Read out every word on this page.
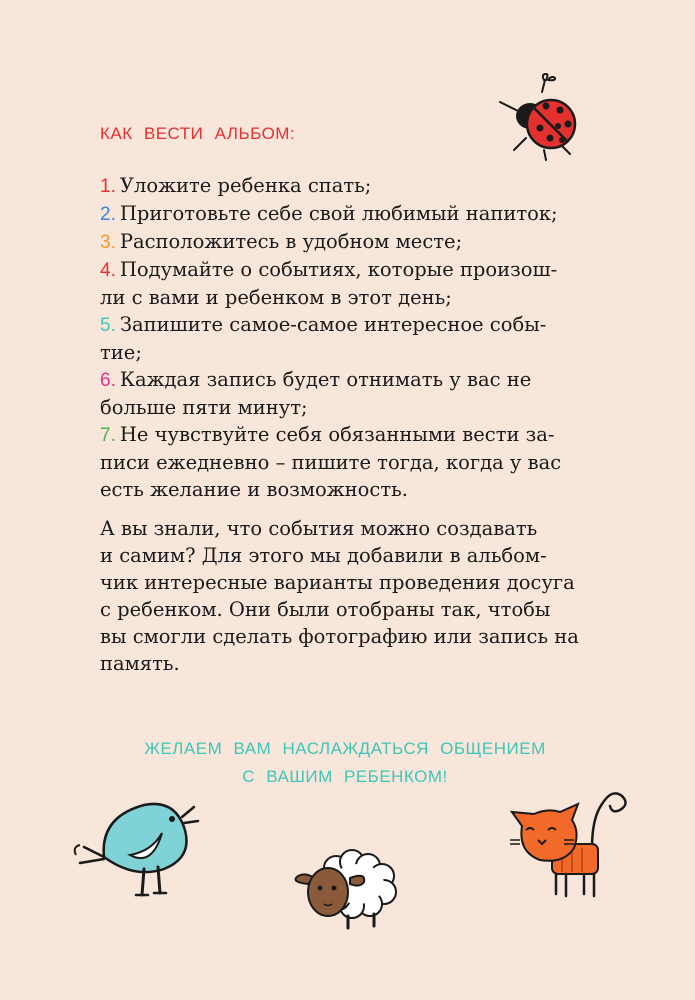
КАК ВЕСТИ АЛЬБОМ:
1. Уложите ребенка спать;
2. Приготовьте себе свой любимый напиток;
3. Расположитесь в удобном месте;
4. Подумайте о событиях, которые произош-
ли с вами и ребенком в этот день;
5. Запишите самое-самое интересное собы-
тие;
6. Каждая запись будет отнимать у вас не
больше пяти минут;
7. Не чувствуйте себя обязанными вести за-
писи ежедневно – пишите тогда, когда у вас
есть желание и возможность.

А вы знали, что события можно создавать
и самим? Для этого мы добавили в альбом-
чик интересные варианты проведения досуга
с ребенком. Они были отобраны так, чтобы
вы смогли сделать фотографию или запись на
память.

ЖЕЛАЕМ ВАМ НАСЛАЖДАТЬСЯ ОБЩЕНИЕМ
С ВАШИМ РЕБЕНКОМ!
